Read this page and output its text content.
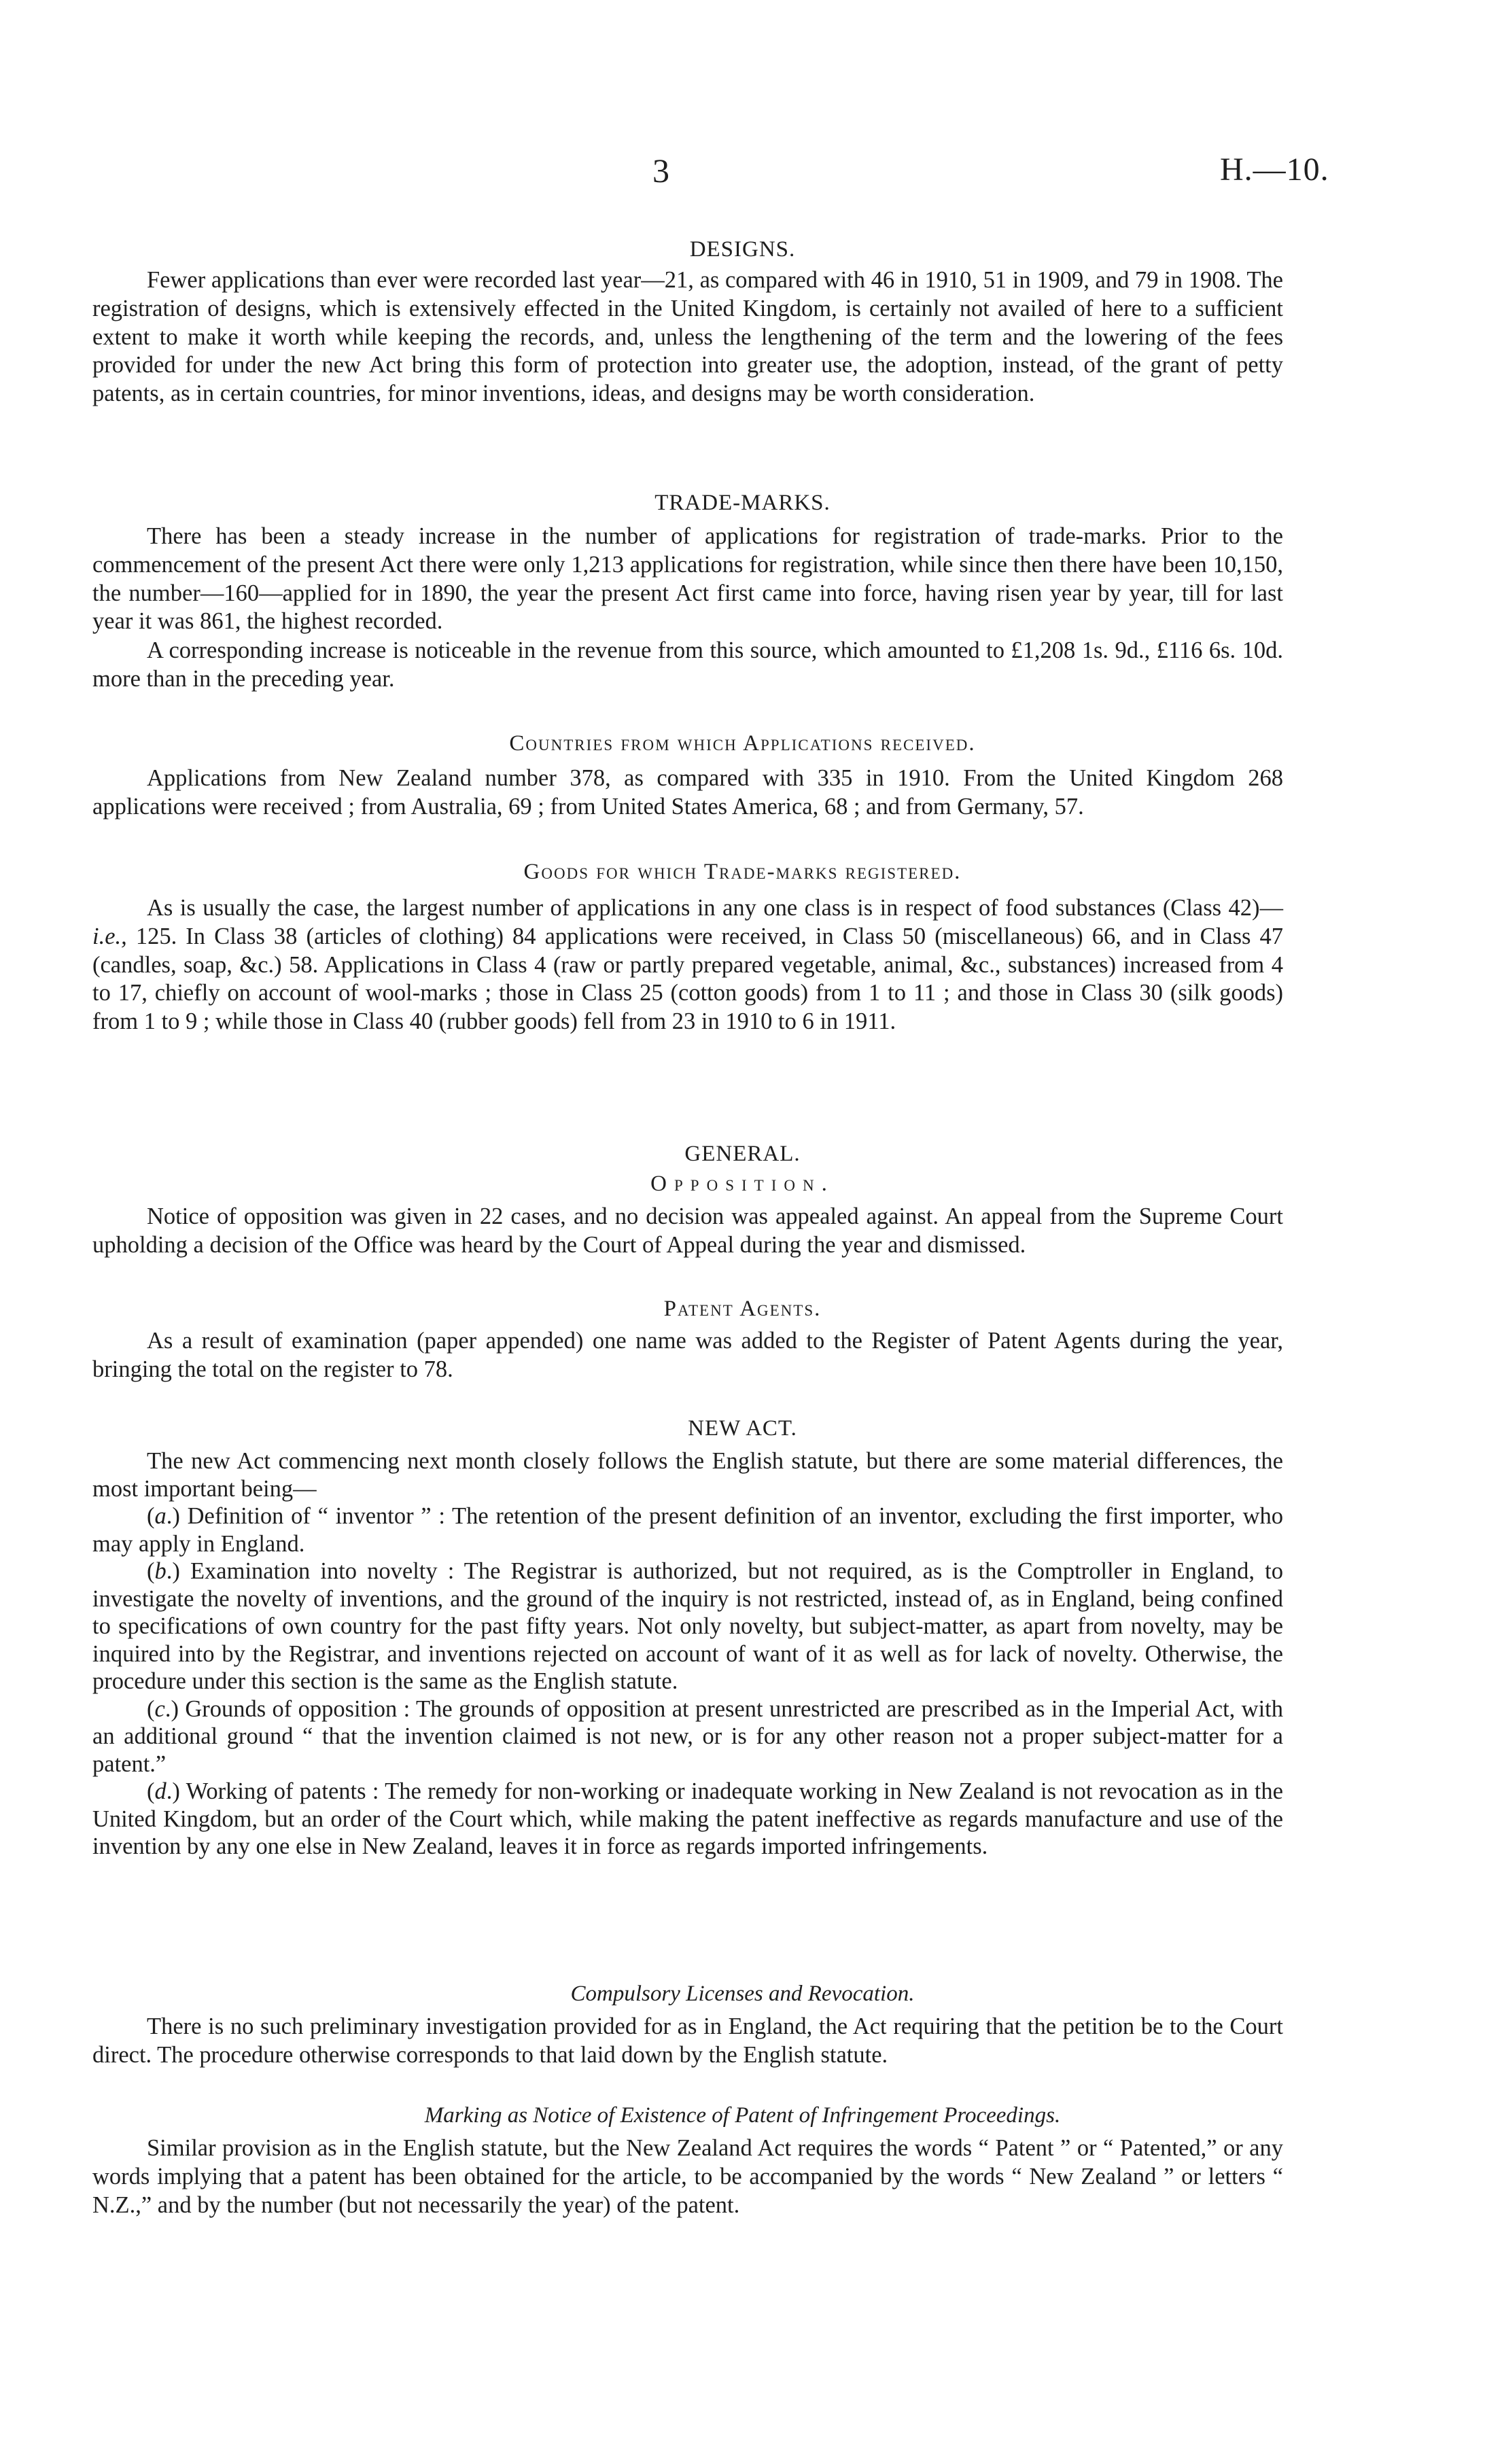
3	H.—10.
DESIGNS.
Fewer applications than ever were recorded last year—21, as compared with 46 in 1910, 51 in 1909, and 79 in 1908. The registration of designs, which is extensively effected in the United Kingdom, is certainly not availed of here to a sufficient extent to make it worth while keeping the records, and, unless the lengthening of the term and the lowering of the fees provided for under the new Act bring this form of protection into greater use, the adoption, instead, of the grant of petty patents, as in certain countries, for minor inventions, ideas, and designs may be worth consideration.
TRADE-MARKS.
There has been a steady increase in the number of applications for registration of trade-marks. Prior to the commencement of the present Act there were only 1,213 applications for registration, while since then there have been 10,150, the number—160—applied for in 1890, the year the present Act first came into force, having risen year by year, till for last year it was 861, the highest recorded.
A corresponding increase is noticeable in the revenue from this source, which amounted to £1,208 1s. 9d., £116 6s. 10d. more than in the preceding year.
Countries from which Applications received.
Applications from New Zealand number 378, as compared with 335 in 1910. From the United Kingdom 268 applications were received ; from Australia, 69 ; from United States America, 68 ; and from Germany, 57.
Goods for which Trade-marks registered.
As is usually the case, the largest number of applications in any one class is in respect of food substances (Class 42)—i.e., 125. In Class 38 (articles of clothing) 84 applications were received, in Class 50 (miscellaneous) 66, and in Class 47 (candles, soap, &c.) 58. Applications in Class 4 (raw or partly prepared vegetable, animal, &c., substances) increased from 4 to 17, chiefly on account of wool-marks ; those in Class 25 (cotton goods) from 1 to 11 ; and those in Class 30 (silk goods) from 1 to 9 ; while those in Class 40 (rubber goods) fell from 23 in 1910 to 6 in 1911.
GENERAL.
Opposition.
Notice of opposition was given in 22 cases, and no decision was appealed against. An appeal from the Supreme Court upholding a decision of the Office was heard by the Court of Appeal during the year and dismissed.
Patent Agents.
As a result of examination (paper appended) one name was added to the Register of Patent Agents during the year, bringing the total on the register to 78.
NEW ACT.
The new Act commencing next month closely follows the English statute, but there are some material differences, the most important being—
(a.) Definition of “ inventor ” : The retention of the present definition of an inventor, excluding the first importer, who may apply in England.
(b.) Examination into novelty : The Registrar is authorized, but not required, as is the Comptroller in England, to investigate the novelty of inventions, and the ground of the inquiry is not restricted, instead of, as in England, being confined to specifications of own country for the past fifty years. Not only novelty, but subject-matter, as apart from novelty, may be inquired into by the Registrar, and inventions rejected on account of want of it as well as for lack of novelty. Otherwise, the procedure under this section is the same as the English statute.
(c.) Grounds of opposition : The grounds of opposition at present unrestricted are prescribed as in the Imperial Act, with an additional ground “ that the invention claimed is not new, or is for any other reason not a proper subject-matter for a patent.”
(d.) Working of patents : The remedy for non-working or inadequate working in New Zealand is not revocation as in the United Kingdom, but an order of the Court which, while making the patent ineffective as regards manufacture and use of the invention by any one else in New Zealand, leaves it in force as regards imported infringements.
Compulsory Licenses and Revocation.
There is no such preliminary investigation provided for as in England, the Act requiring that the petition be to the Court direct. The procedure otherwise corresponds to that laid down by the English statute.
Marking as Notice of Existence of Patent of Infringement Proceedings.
Similar provision as in the English statute, but the New Zealand Act requires the words “ Patent ” or “ Patented,” or any words implying that a patent has been obtained for the article, to be accompanied by the words “ New Zealand ” or letters “ N.Z.,” and by the number (but not necessarily the year) of the patent.
